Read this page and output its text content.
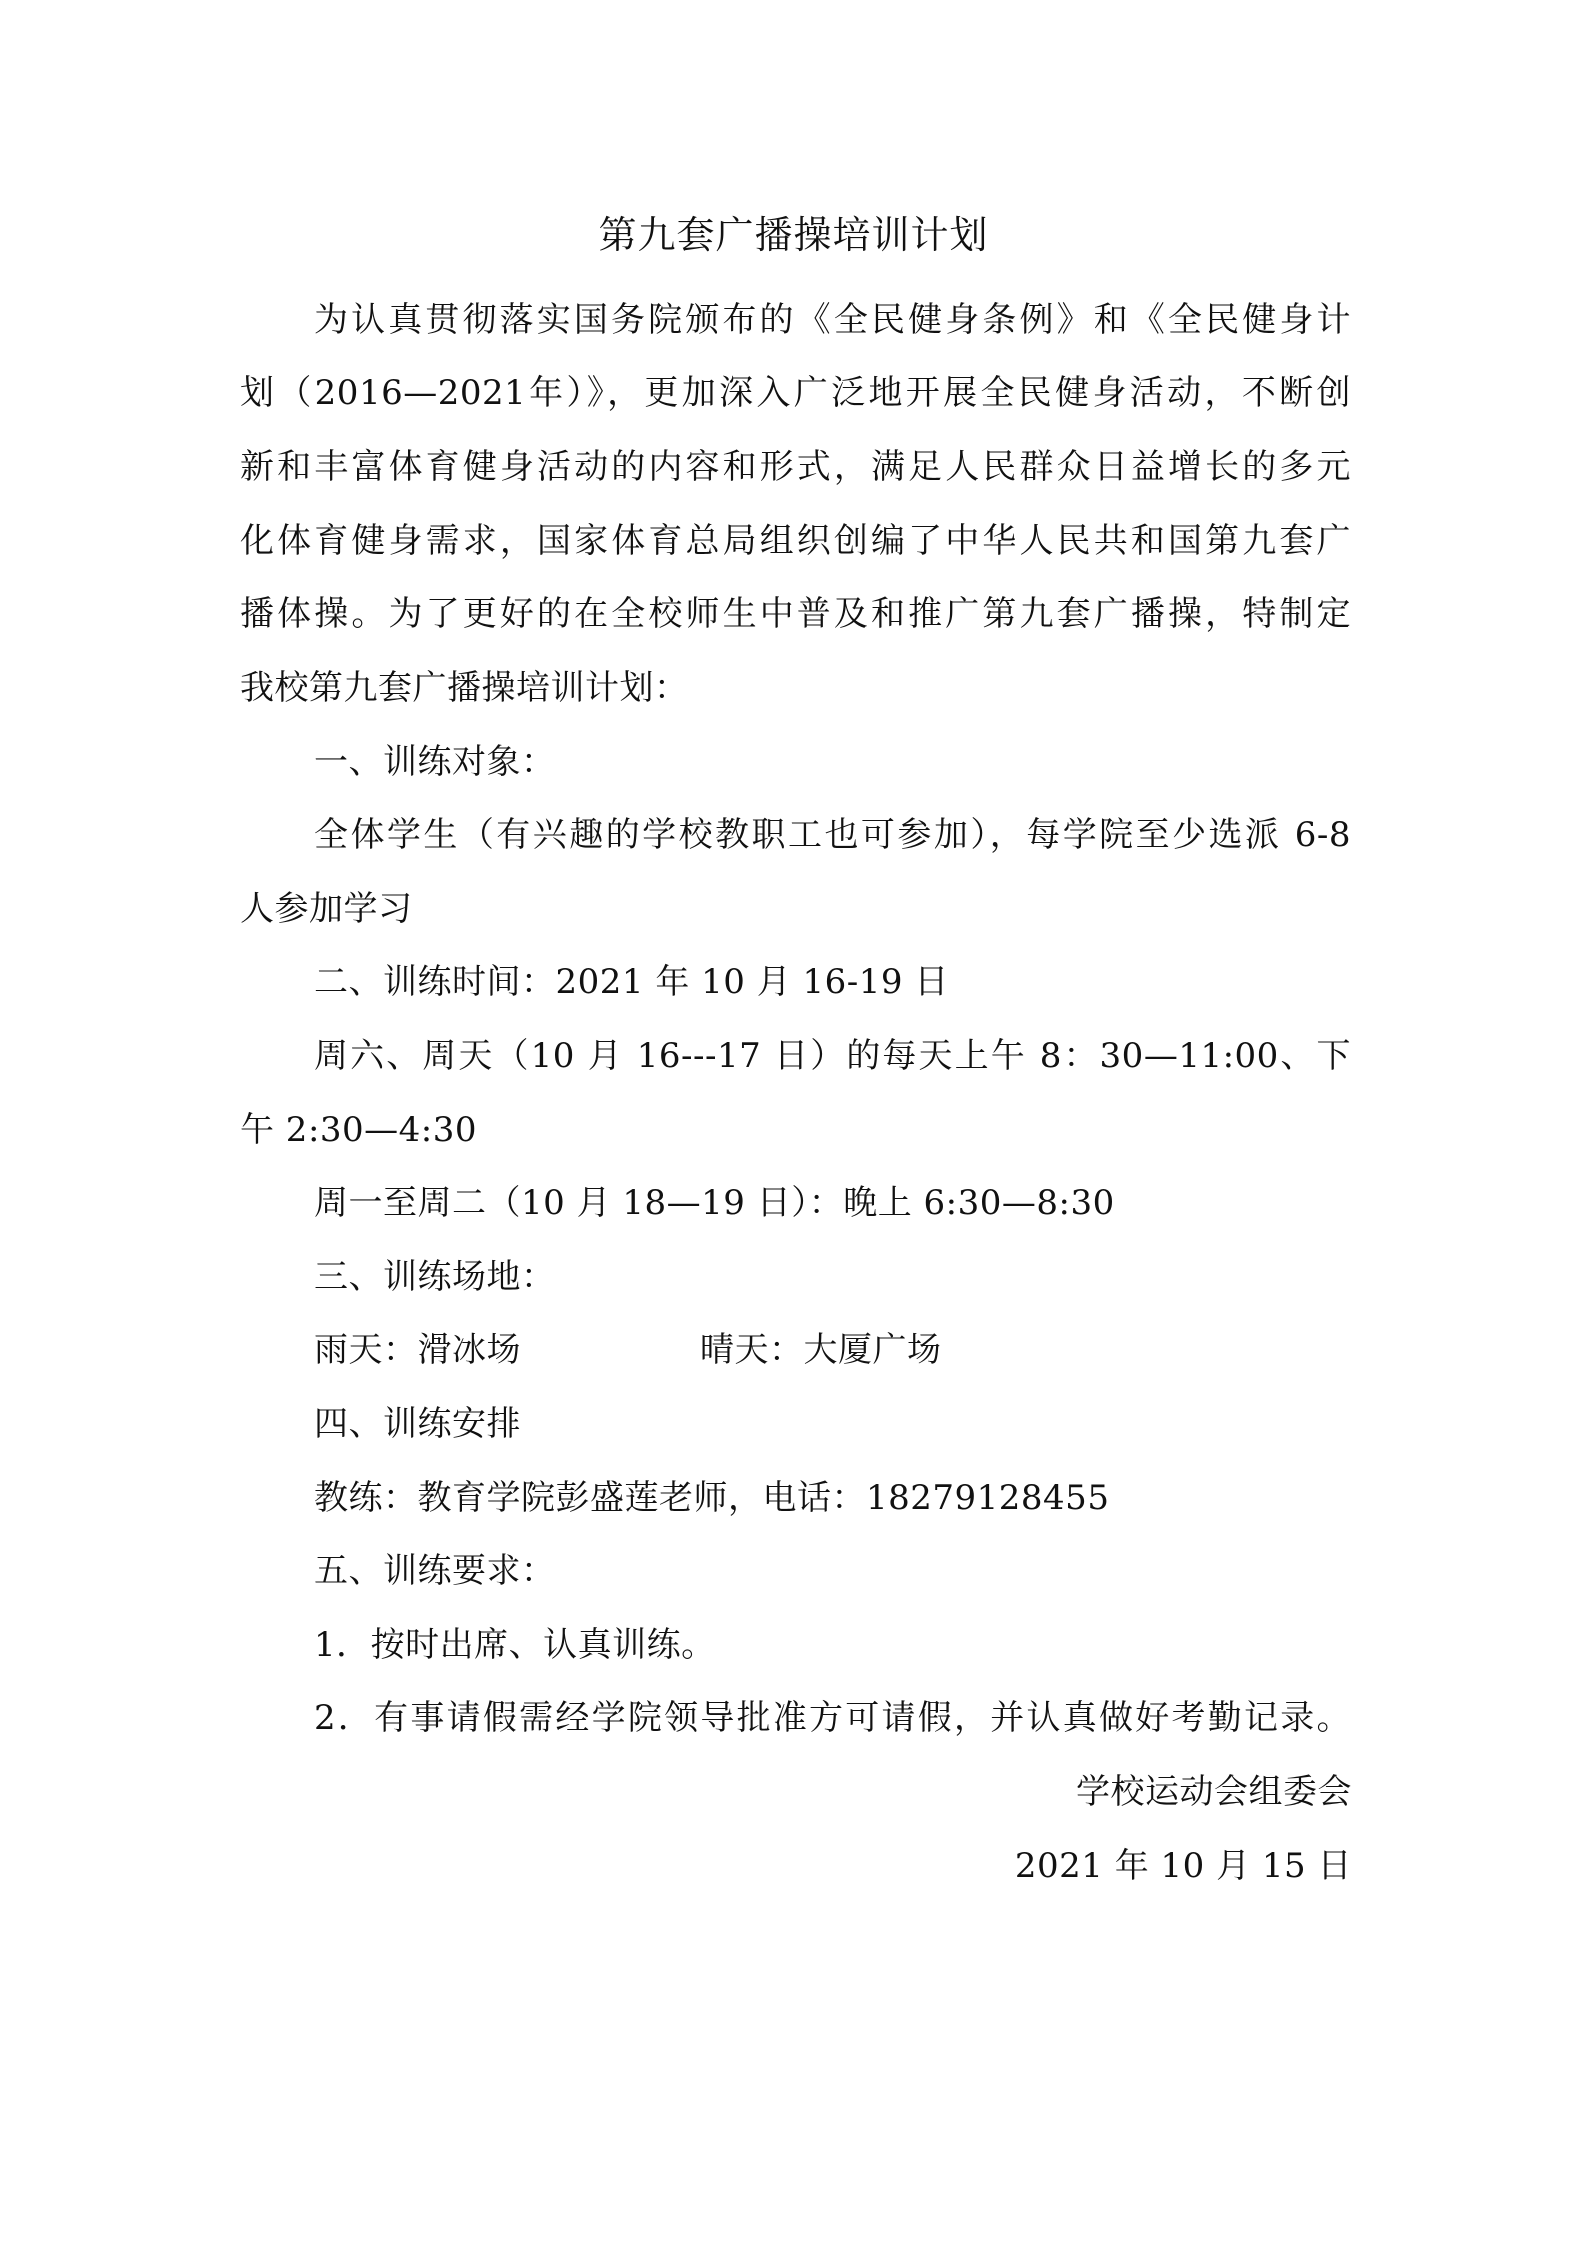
第九套广播操培训计划
为认真贯彻落实国务院颁布的《全民健身条例》和《全民健身计
划（2016—2021年）》，更加深入广泛地开展全民健身活动，不断创
新和丰富体育健身活动的内容和形式，满足人民群众日益增长的多元
化体育健身需求，国家体育总局组织创编了中华人民共和国第九套广
播体操。为了更好的在全校师生中普及和推广第九套广播操，特制定
我校第九套广播操培训计划：
一、训练对象：
全体学生（有兴趣的学校教职工也可参加），每学院至少选派 6-8
人参加学习
二、训练时间：2021 年 10 月 16-19 日
周六、周天（10 月 16---17 日）的每天上午 8：30—11:00、下
午 2:30—4:30
周一至周二（10 月 18—19 日）：晚上 6:30—8:30
三、训练场地：
雨天：滑冰场	晴天：大厦广场
四、训练安排
教练：教育学院彭盛莲老师，电话：18279128455
五、训练要求：
1．按时出席、认真训练。
2．有事请假需经学院领导批准方可请假，并认真做好考勤记录。
学校运动会组委会
2021 年 10 月 15 日
